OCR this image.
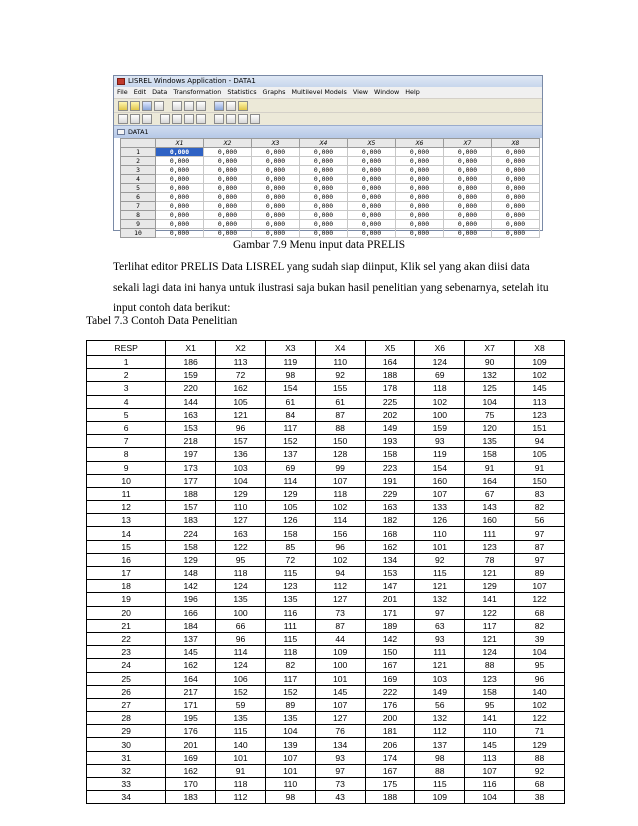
LISREL Windows Application - DATA1
File Edit Data Transformation Statistics Graphs Multilevel Models View Window Help
DATA1
	X1	X2	X3	X4	X5	X6	X7	X8
1	0,000	0,000	0,000	0,000	0,000	0,000	0,000	0,000
2	0,000	0,000	0,000	0,000	0,000	0,000	0,000	0,000
3	0,000	0,000	0,000	0,000	0,000	0,000	0,000	0,000
4	0,000	0,000	0,000	0,000	0,000	0,000	0,000	0,000
5	0,000	0,000	0,000	0,000	0,000	0,000	0,000	0,000
6	0,000	0,000	0,000	0,000	0,000	0,000	0,000	0,000
7	0,000	0,000	0,000	0,000	0,000	0,000	0,000	0,000
8	0,000	0,000	0,000	0,000	0,000	0,000	0,000	0,000
9	0,000	0,000	0,000	0,000	0,000	0,000	0,000	0,000
10	0,000	0,000	0,000	0,000	0,000	0,000	0,000	0,000
Gambar 7.9 Menu input data PRELIS
Terlihat editor PRELIS Data LISREL yang sudah siap diinput, Klik sel yang akan diisi data sekali lagi data ini hanya untuk ilustrasi saja bukan hasil penelitian yang sebenarnya, setelah itu input contoh data berikut:
Tabel 7.3 Contoh Data Penelitian
RESP	X1	X2	X3	X4	X5	X6	X7	X8
1	186	113	119	110	164	124	90	109
2	159	72	98	92	188	69	132	102
3	220	162	154	155	178	118	125	145
4	144	105	61	61	225	102	104	113
5	163	121	84	87	202	100	75	123
6	153	96	117	88	149	159	120	151
7	218	157	152	150	193	93	135	94
8	197	136	137	128	158	119	158	105
9	173	103	69	99	223	154	91	91
10	177	104	114	107	191	160	164	150
11	188	129	129	118	229	107	67	83
12	157	110	105	102	163	133	143	82
13	183	127	126	114	182	126	160	56
14	224	163	158	156	168	110	111	97
15	158	122	85	96	162	101	123	87
16	129	95	72	102	134	92	78	97
17	148	118	115	94	153	115	121	89
18	142	124	123	112	147	121	129	107
19	196	135	135	127	201	132	141	122
20	166	100	116	73	171	97	122	68
21	184	66	111	87	189	63	117	82
22	137	96	115	44	142	93	121	39
23	145	114	118	109	150	111	124	104
24	162	124	82	100	167	121	88	95
25	164	106	117	101	169	103	123	96
26	217	152	152	145	222	149	158	140
27	171	59	89	107	176	56	95	102
28	195	135	135	127	200	132	141	122
29	176	115	104	76	181	112	110	71
30	201	140	139	134	206	137	145	129
31	169	101	107	93	174	98	113	88
32	162	91	101	97	167	88	107	92
33	170	118	110	73	175	115	116	68
34	183	112	98	43	188	109	104	38
